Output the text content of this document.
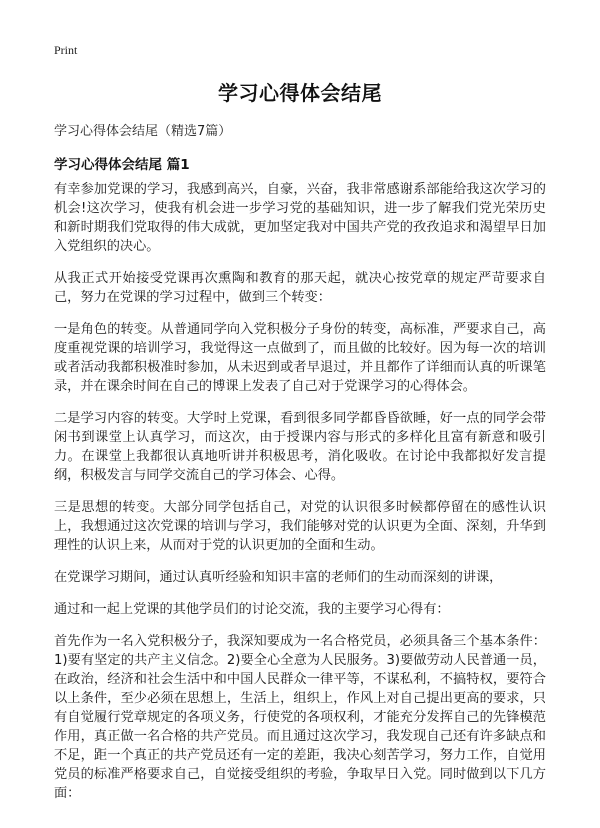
Print
学习心得体会结尾
学习心得体会结尾（精选7篇）
学习心得体会结尾 篇1

有幸参加党课的学习，我感到高兴，自豪，兴奋，我非常感谢系部能给我这次学习的机会!这次学习，使我有机会进一步学习党的基础知识，进一步了解我们党光荣历史和新时期我们党取得的伟大成就，更加坚定我对中国共产党的孜孜追求和渴望早日加入党组织的决心。

从我正式开始接受党课再次熏陶和教育的那天起，就决心按党章的规定严苛要求自己，努力在党课的学习过程中，做到三个转变：

一是角色的转变。从普通同学向入党积极分子身份的转变，高标准，严要求自己，高度重视党课的培训学习，我觉得这一点做到了，而且做的比较好。因为每一次的培训或者活动我都积极准时参加，从未迟到或者早退过，并且都作了详细而认真的听课笔录，并在课余时间在自己的博课上发表了自己对于党课学习的心得体会。

二是学习内容的转变。大学时上党课，看到很多同学都昏昏欲睡，好一点的同学会带闲书到课堂上认真学习，而这次，由于授课内容与形式的多样化且富有新意和吸引力。在课堂上我都很认真地听讲并积极思考，消化吸收。在讨论中我都拟好发言提纲，积极发言与同学交流自己的学习体会、心得。

三是思想的转变。大部分同学包括自己，对党的认识很多时候都停留在的感性认识上，我想通过这次党课的培训与学习，我们能够对党的认识更为全面、深刻，升华到理性的认识上来，从而对于党的认识更加的全面和生动。

在党课学习期间，通过认真听经验和知识丰富的老师们的生动而深刻的讲课，

通过和一起上党课的其他学员们的讨论交流，我的主要学习心得有：

首先作为一名入党积极分子，我深知要成为一名合格党员，必须具备三个基本条件：1)要有坚定的共产主义信念。2)要全心全意为人民服务。3)要做劳动人民普通一员，在政治，经济和社会生活中和中国人民群众一律平等，不谋私利，不搞特权，要符合以上条件，至少必须在思想上，生活上，组织上，作风上对自己提出更高的要求，只有自觉履行党章规定的各项义务，行使党的各项权利，才能充分发挥自己的先锋模范作用，真正做一名合格的共产党员。而且通过这次学习，我发现自己还有许多缺点和不足，距一个真正的共产党员还有一定的差距，我决心刻苦学习，努力工作，自觉用党员的标准严格要求自己，自觉接受组织的考验，争取早日入党。同时做到以下几方面：
